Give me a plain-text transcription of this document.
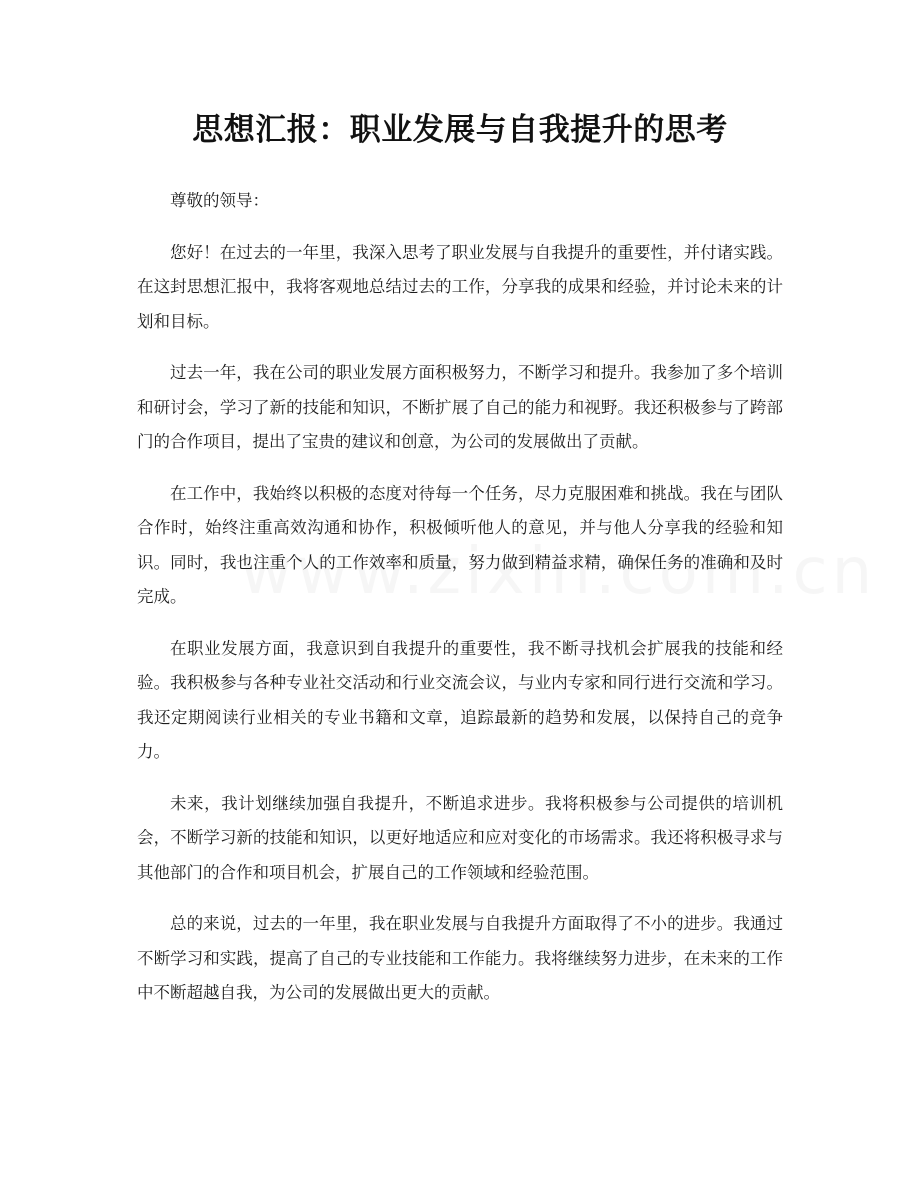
思想汇报：职业发展与自我提升的思考

尊敬的领导：

您好！在过去的一年里，我深入思考了职业发展与自我提升的重要性，并付诸实践。在这封思想汇报中，我将客观地总结过去的工作，分享我的成果和经验，并讨论未来的计划和目标。

过去一年，我在公司的职业发展方面积极努力，不断学习和提升。我参加了多个培训和研讨会，学习了新的技能和知识，不断扩展了自己的能力和视野。我还积极参与了跨部门的合作项目，提出了宝贵的建议和创意，为公司的发展做出了贡献。

在工作中，我始终以积极的态度对待每一个任务，尽力克服困难和挑战。我在与团队合作时，始终注重高效沟通和协作，积极倾听他人的意见，并与他人分享我的经验和知识。同时，我也注重个人的工作效率和质量，努力做到精益求精，确保任务的准确和及时完成。

在职业发展方面，我意识到自我提升的重要性，我不断寻找机会扩展我的技能和经验。我积极参与各种专业社交活动和行业交流会议，与业内专家和同行进行交流和学习。我还定期阅读行业相关的专业书籍和文章，追踪最新的趋势和发展，以保持自己的竞争力。

未来，我计划继续加强自我提升，不断追求进步。我将积极参与公司提供的培训机会，不断学习新的技能和知识，以更好地适应和应对变化的市场需求。我还将积极寻求与其他部门的合作和项目机会，扩展自己的工作领域和经验范围。

总的来说，过去的一年里，我在职业发展与自我提升方面取得了不小的进步。我通过不断学习和实践，提高了自己的专业技能和工作能力。我将继续努力进步，在未来的工作中不断超越自我，为公司的发展做出更大的贡献。
